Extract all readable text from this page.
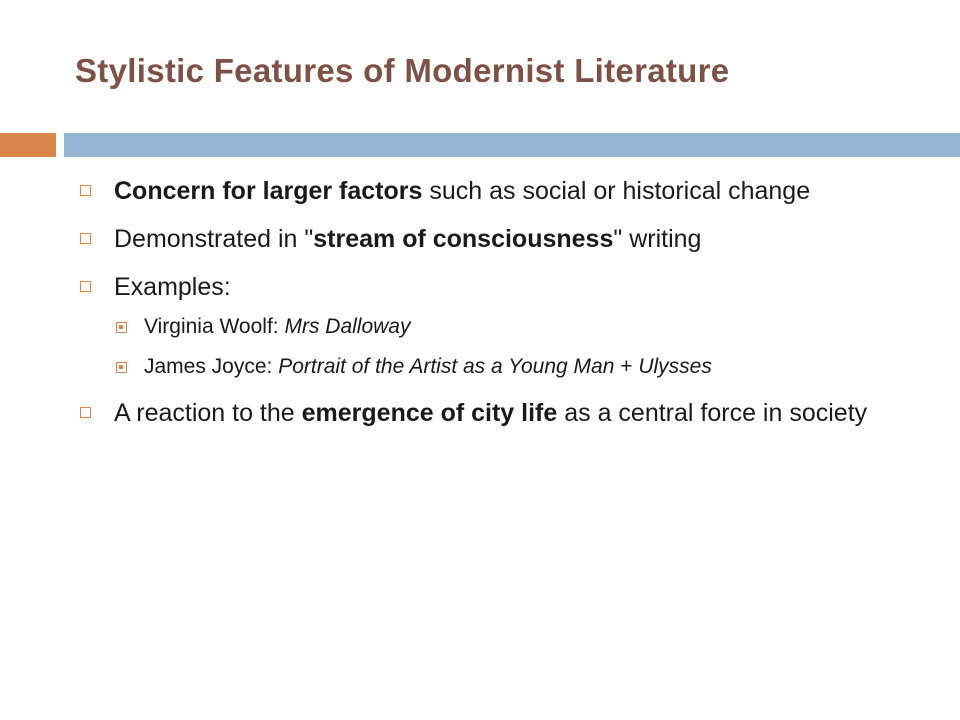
Stylistic Features of Modernist Literature
Concern for larger factors such as social or historical change
Demonstrated in "stream of consciousness" writing
Examples:
Virginia Woolf: Mrs Dalloway
James Joyce: Portrait of the Artist as a Young Man + Ulysses
A reaction to the emergence of city life as a central force in society
